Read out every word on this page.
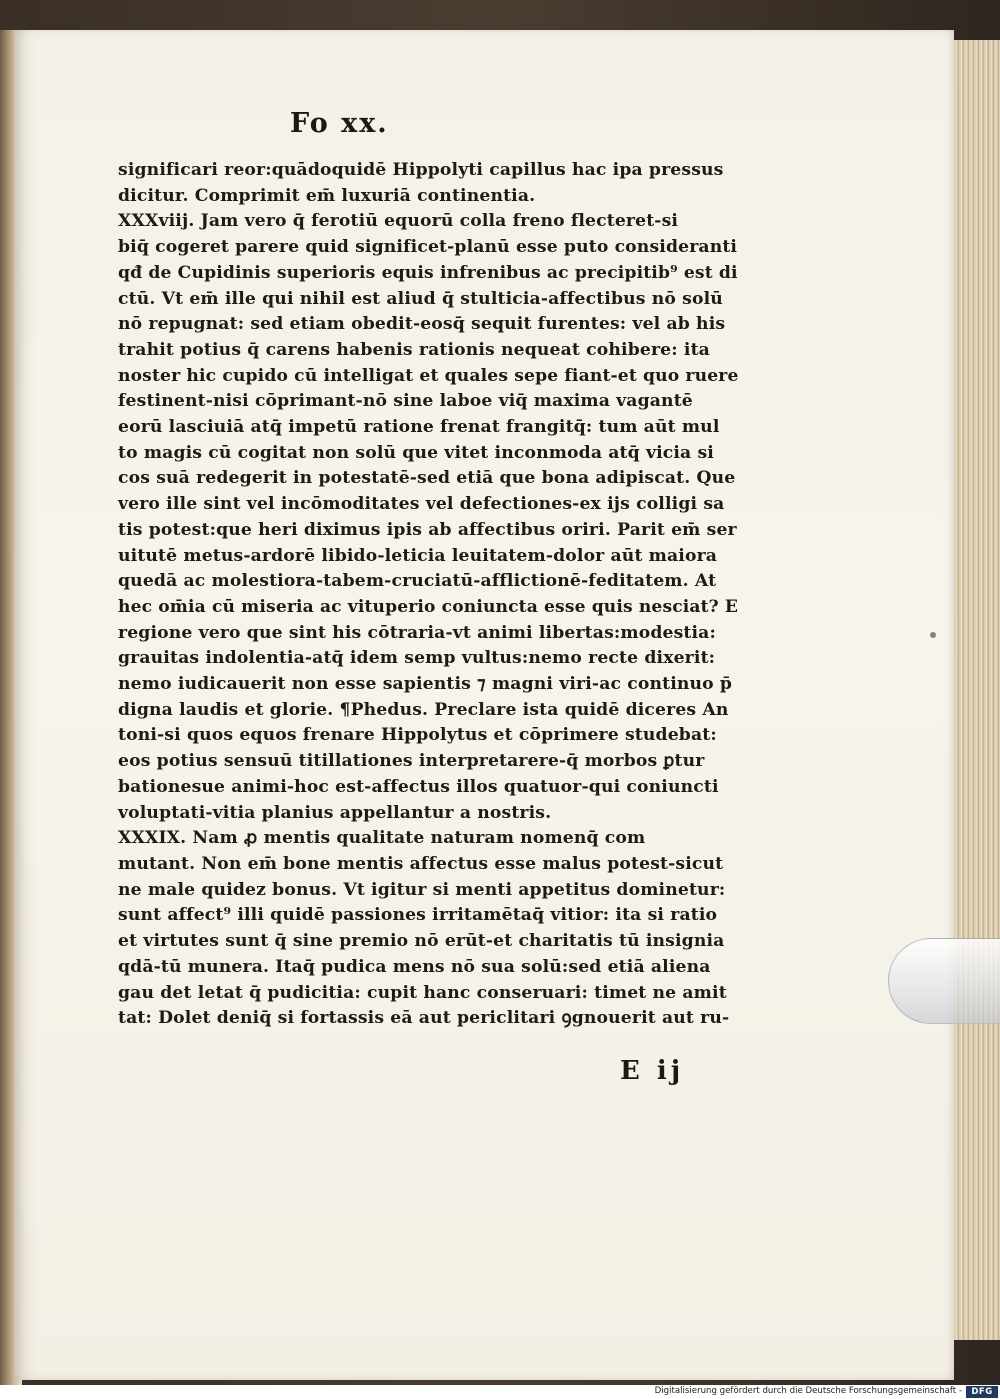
Fo xx.
significari reor:quādoquidē Hippolyti capillus hac ipa pressus
dicitur. Comprimit em̄ luxuriā continentia.
XXXviij. Jam vero q̄ ferotiū equorū colla freno flecteret-si
biq̄ cogeret parere quid significet-planū esse puto consideranti
qđ de Cupidinis superioris equis infrenibus ac precipitib⁹ est di
ctū. Vt em̄ ille qui nihil est aliud q̄ stulticia-affectibus nō solū
nō repugnat: sed etiam obedit-eosq̄ sequit furentes: vel ab his
trahit potius q̄ carens habenis rationis nequeat cohibere: ita
noster hic cupido cū intelligat et quales sepe fiant-et quo ruere
festinent-nisi cōprimant-nō sine laboe viq̄ maxima vagantē
eorū lasciuiā atq̄ impetū ratione frenat frangitq̄: tum aūt mul
to magis cū cogitat non solū que vitet inconmoda atq̄ vicia si
cos suā redegerit in potestatē-sed etiā que bona adipiscat. Que
vero ille sint vel incōmoditates vel defectiones-ex ijs colligi sa
tis potest:que heri diximus ipis ab affectibus oriri. Parit em̄ ser
uitutē metus-ardorē libido-leticia leuitatem-dolor aūt maiora
quedā ac molestiora-tabem-cruciatū-afflictionē-feditatem. At
hec om̄ia cū miseria ac vituperio coniuncta esse quis nesciat? E
regione vero que sint his cōtraria-vt animi libertas:modestia:
grauitas indolentia-atq̄ idem semp vultus:nemo recte dixerit:
nemo iudicauerit non esse sapientis ⁊ magni viri-ac continuo p̄
digna laudis et glorie. ¶Phedus. Preclare ista quidē diceres An
toni-si quos equos frenare Hippolytus et cōprimere studebat:
eos potius sensuū titillationes interpretarere-q̄ morbos ꝑtur
bationesue animi-hoc est-affectus illos quatuor-qui coniuncti
voluptati-vitia planius appellantur a nostris.
XXXIX. Nam ꝓ mentis qualitate naturam nomenq̄ com
mutant. Non em̄ bone mentis affectus esse malus potest-sicut
ne male quidez bonus. Vt igitur si menti appetitus dominetur:
sunt affect⁹ illi quidē passiones irritamētaq̄ vitior: ita si ratio
et virtutes sunt q̄ sine premio nō erūt-et charitatis tū insignia
qdā-tū munera. Itaq̄ pudica mens nō sua solū:sed etiā aliena
gau det letat q̄ pudicitia: cupit hanc conseruari: timet ne amit
tat: Dolet deniq̄ si fortassis eā aut periclitari ꝯgnouerit aut ru-
E ij
Digitalisierung gefördert durch die Deutsche Forschungsgemeinschaft -	DFG
